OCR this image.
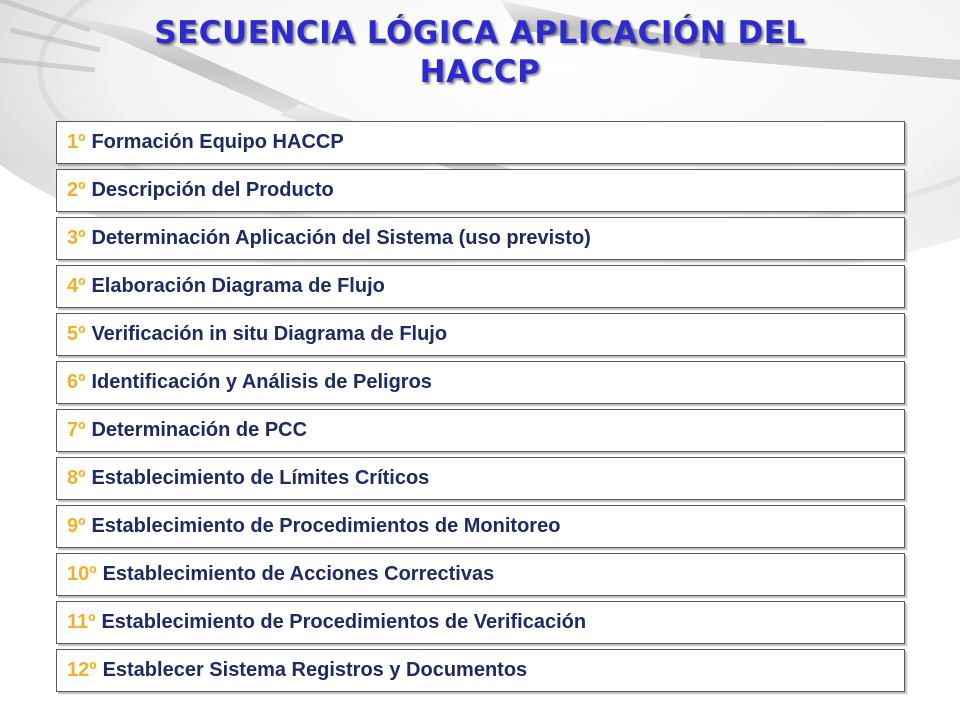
SECUENCIA LÓGICA APLICACIÓN DEL
HACCP
1º Formación Equipo HACCP
2º Descripción del Producto
3º Determinación Aplicación del Sistema (uso previsto)
4º Elaboración Diagrama de Flujo
5º Verificación in situ Diagrama de Flujo
6º Identificación y Análisis de Peligros
7º Determinación de PCC
8º Establecimiento de Límites Críticos
9º Establecimiento de Procedimientos de Monitoreo
10º Establecimiento de Acciones Correctivas
11º Establecimiento de Procedimientos de Verificación
12º Establecer Sistema Registros y Documentos
